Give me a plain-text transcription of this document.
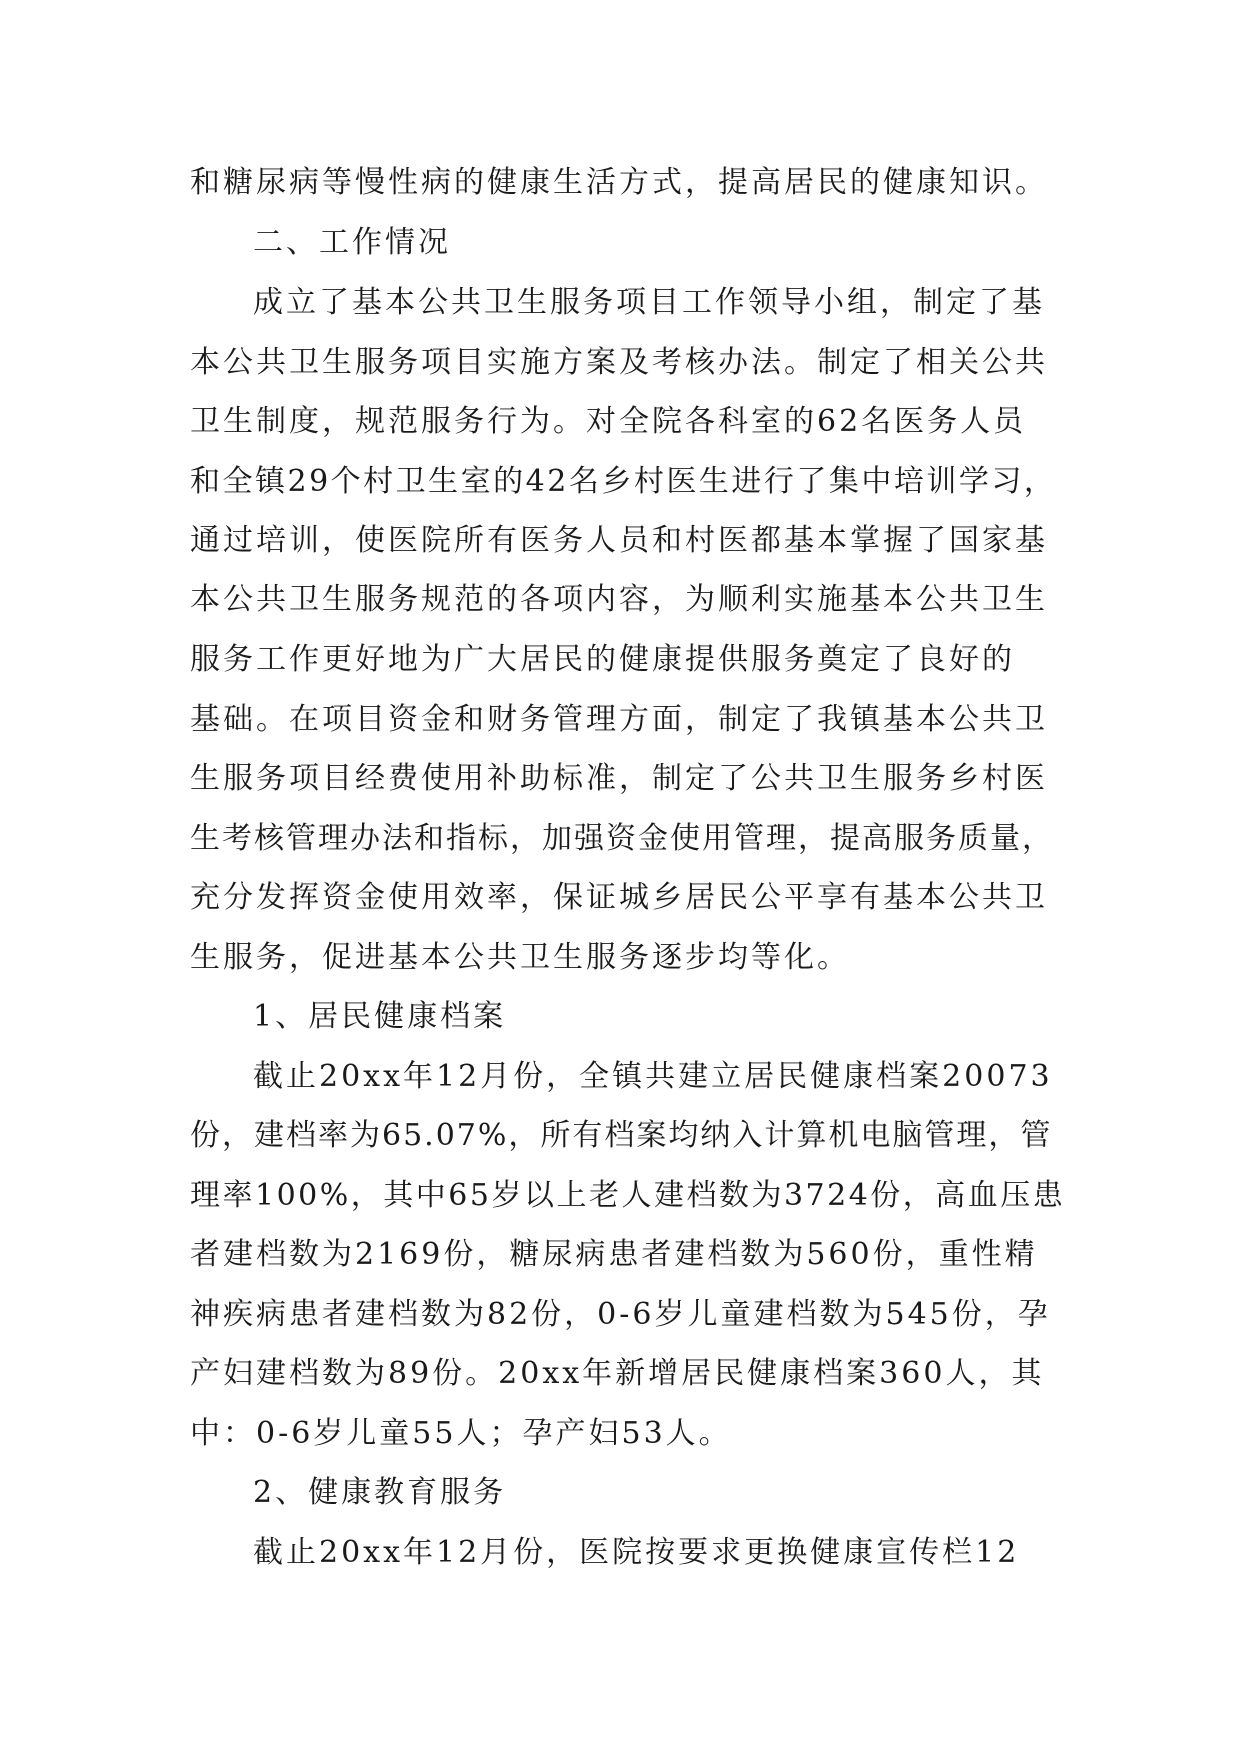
和糖尿病等慢性病的健康生活方式，提高居民的健康知识。
二、工作情况
成立了基本公共卫生服务项目工作领导小组，制定了基
本公共卫生服务项目实施方案及考核办法。制定了相关公共
卫生制度，规范服务行为。对全院各科室的62名医务人员
和全镇29个村卫生室的42名乡村医生进行了集中培训学习，
通过培训，使医院所有医务人员和村医都基本掌握了国家基
本公共卫生服务规范的各项内容，为顺利实施基本公共卫生
服务工作更好地为广大居民的健康提供服务奠定了良好的
基础。在项目资金和财务管理方面，制定了我镇基本公共卫
生服务项目经费使用补助标准，制定了公共卫生服务乡村医
生考核管理办法和指标，加强资金使用管理，提高服务质量，
充分发挥资金使用效率，保证城乡居民公平享有基本公共卫
生服务，促进基本公共卫生服务逐步均等化。
1、居民健康档案
截止20xx年12月份，全镇共建立居民健康档案20073
份，建档率为65.07%，所有档案均纳入计算机电脑管理，管
理率100%，其中65岁以上老人建档数为3724份，高血压患
者建档数为2169份，糖尿病患者建档数为560份，重性精
神疾病患者建档数为82份，0-6岁儿童建档数为545份，孕
产妇建档数为89份。20xx年新增居民健康档案360人，其
中：0-6岁儿童55人；孕产妇53人。
2、健康教育服务
截止20xx年12月份，医院按要求更换健康宣传栏12
